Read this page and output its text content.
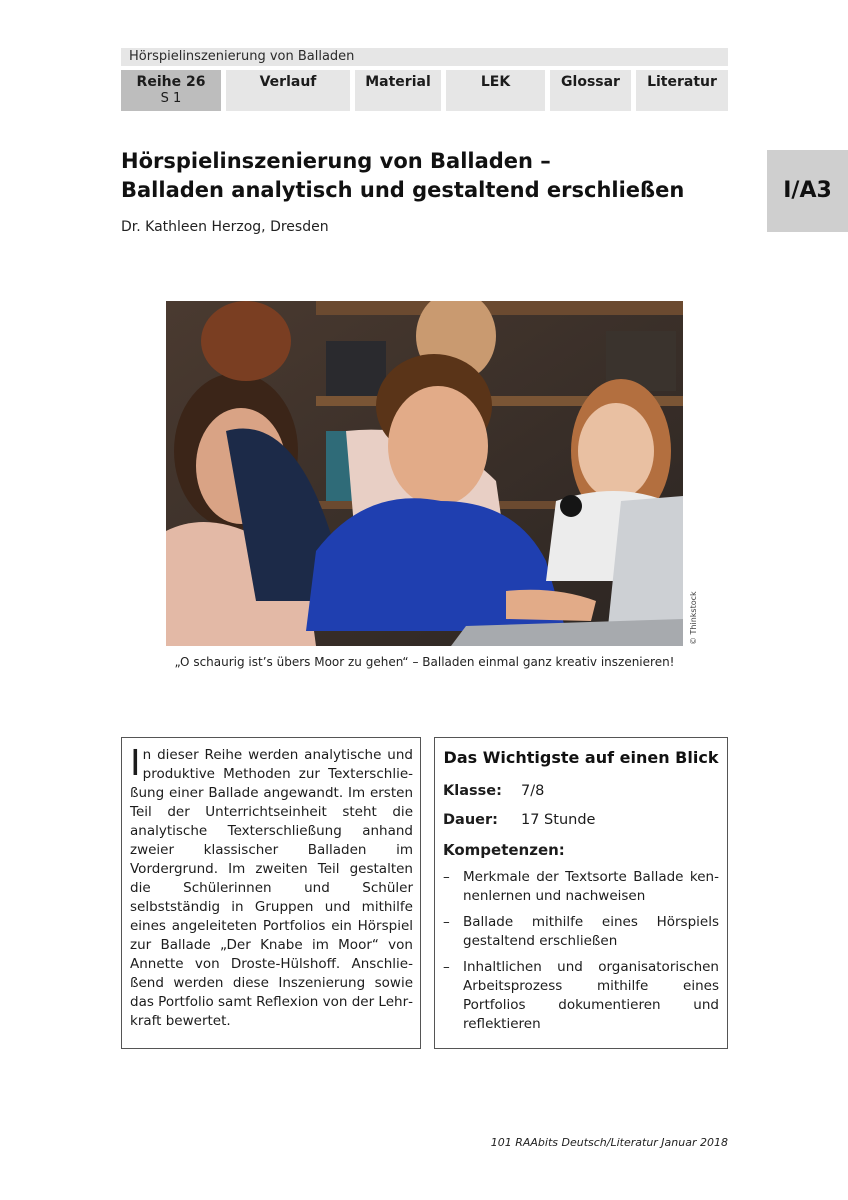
Hörspielinszenierung von Balladen
Reihe 26
S 1
Verlauf	Material	LEK	Glossar	Literatur
I/A3
Hörspielinszenierung von Balladen –
Balladen analytisch und gestaltend erschließen
Dr. Kathleen Herzog, Dresden
© Thinkstock
„O schaurig ist’s übers Moor zu gehen“ – Balladen einmal ganz kreativ inszenieren!

In dieser Reihe werden analytische und produktive Methoden zur Texterschließung einer Ballade angewandt. Im ersten Teil der Unterrichtseinheit steht die analytische Texterschließung anhand zweier klassischer Balladen im Vordergrund. Im zweiten Teil gestalten die Schülerinnen und Schüler selbstständig in Gruppen und mithilfe eines angeleiteten Portfolios ein Hörspiel zur Ballade „Der Knabe im Moor“ von Annette von Droste-Hülshoff. Anschließend werden diese Inszenierung sowie das Portfolio samt Reflexion von der Lehrkraft bewertet.

Das Wichtigste auf einen Blick
Klasse: 7/8
Dauer: 17 Stunde
Kompetenzen:
– Merkmale der Textsorte Ballade kennenlernen und nachweisen
– Ballade mithilfe eines Hörspiels gestaltend erschließen
– Inhaltlichen und organisatorischen Arbeitsprozess mithilfe eines Portfolios dokumentieren und reflektieren
101 RAAbits Deutsch/Literatur Januar 2018
